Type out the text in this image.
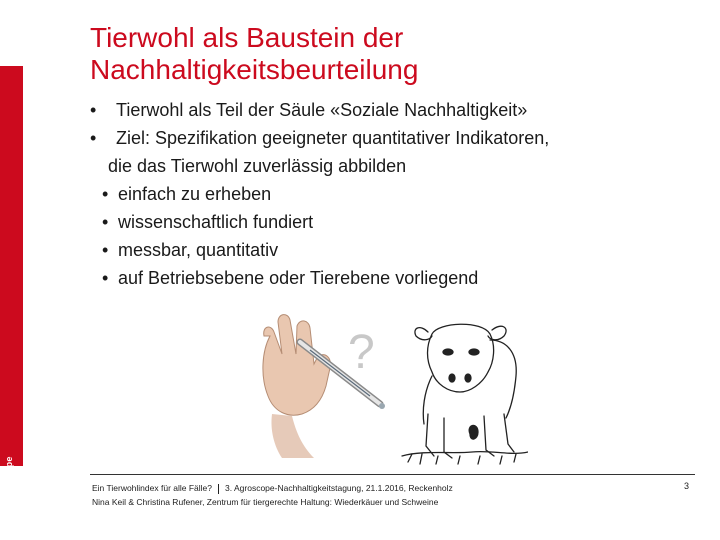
Agroscope
Tierwohl als Baustein der
Nachhaltigkeitsbeurteilung

• Tierwohl als Teil der Säule «Soziale Nachhaltigkeit»

• Ziel: Spezifikation geeigneter quantitativer Indikatoren,

die das Tierwohl zuverlässig abbilden

• einfach zu erheben

• wissenschaftlich fundiert

• messbar, quantitativ

• auf Betriebsebene oder Tierebene vorliegend

?
Ein Tierwohlindex für alle Fälle? 3. Agroscope-Nachhaltigkeitstagung, 21.1.2016, Reckenholz
Nina Keil & Christina Rufener, Zentrum für tiergerechte Haltung: Wiederkäuer und Schweine
3
